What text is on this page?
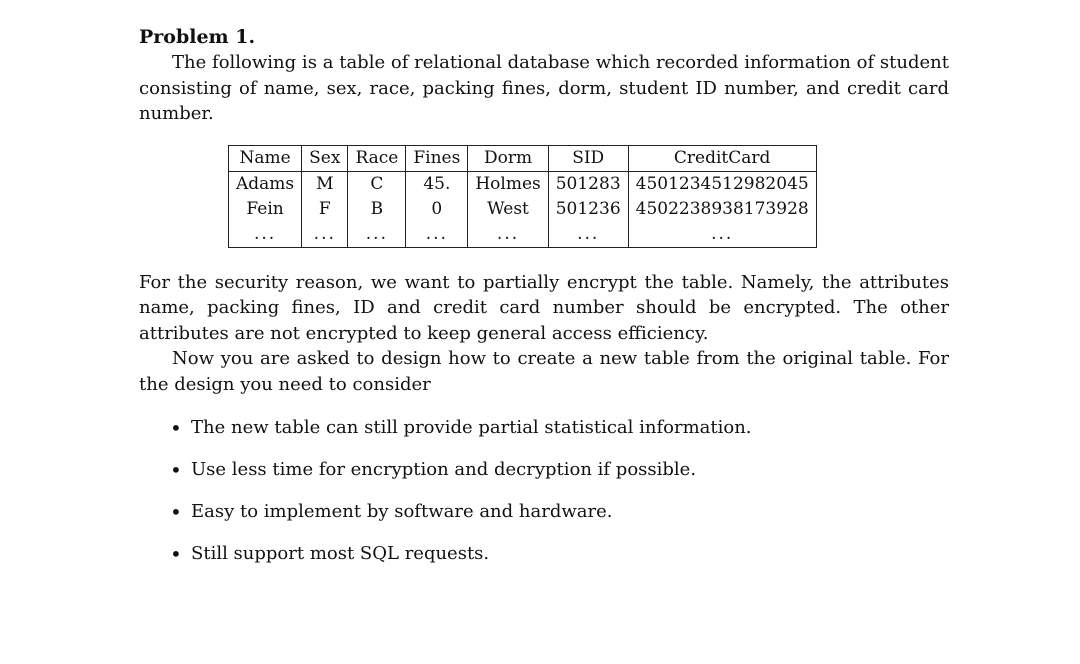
Problem 1.

The following is a table of relational database which recorded information of student consisting of name, sex, race, packing fines, dorm, student ID number, and credit card number.

Name	Sex	Race	Fines	Dorm	SID	CreditCard
Adams	M	C	45.	Holmes	501283	4501234512982045
Fein	F	B	0	West	501236	4502238938173928
...	...	...	...	...	...	...

For the security reason, we want to partially encrypt the table. Namely, the attributes name, packing fines, ID and credit card number should be encrypted. The other attributes are not encrypted to keep general access efficiency.

Now you are asked to design how to create a new table from the original table. For the design you need to consider

• The new table can still provide partial statistical information.
• Use less time for encryption and decryption if possible.
• Easy to implement by software and hardware.
• Still support most SQL requests.
